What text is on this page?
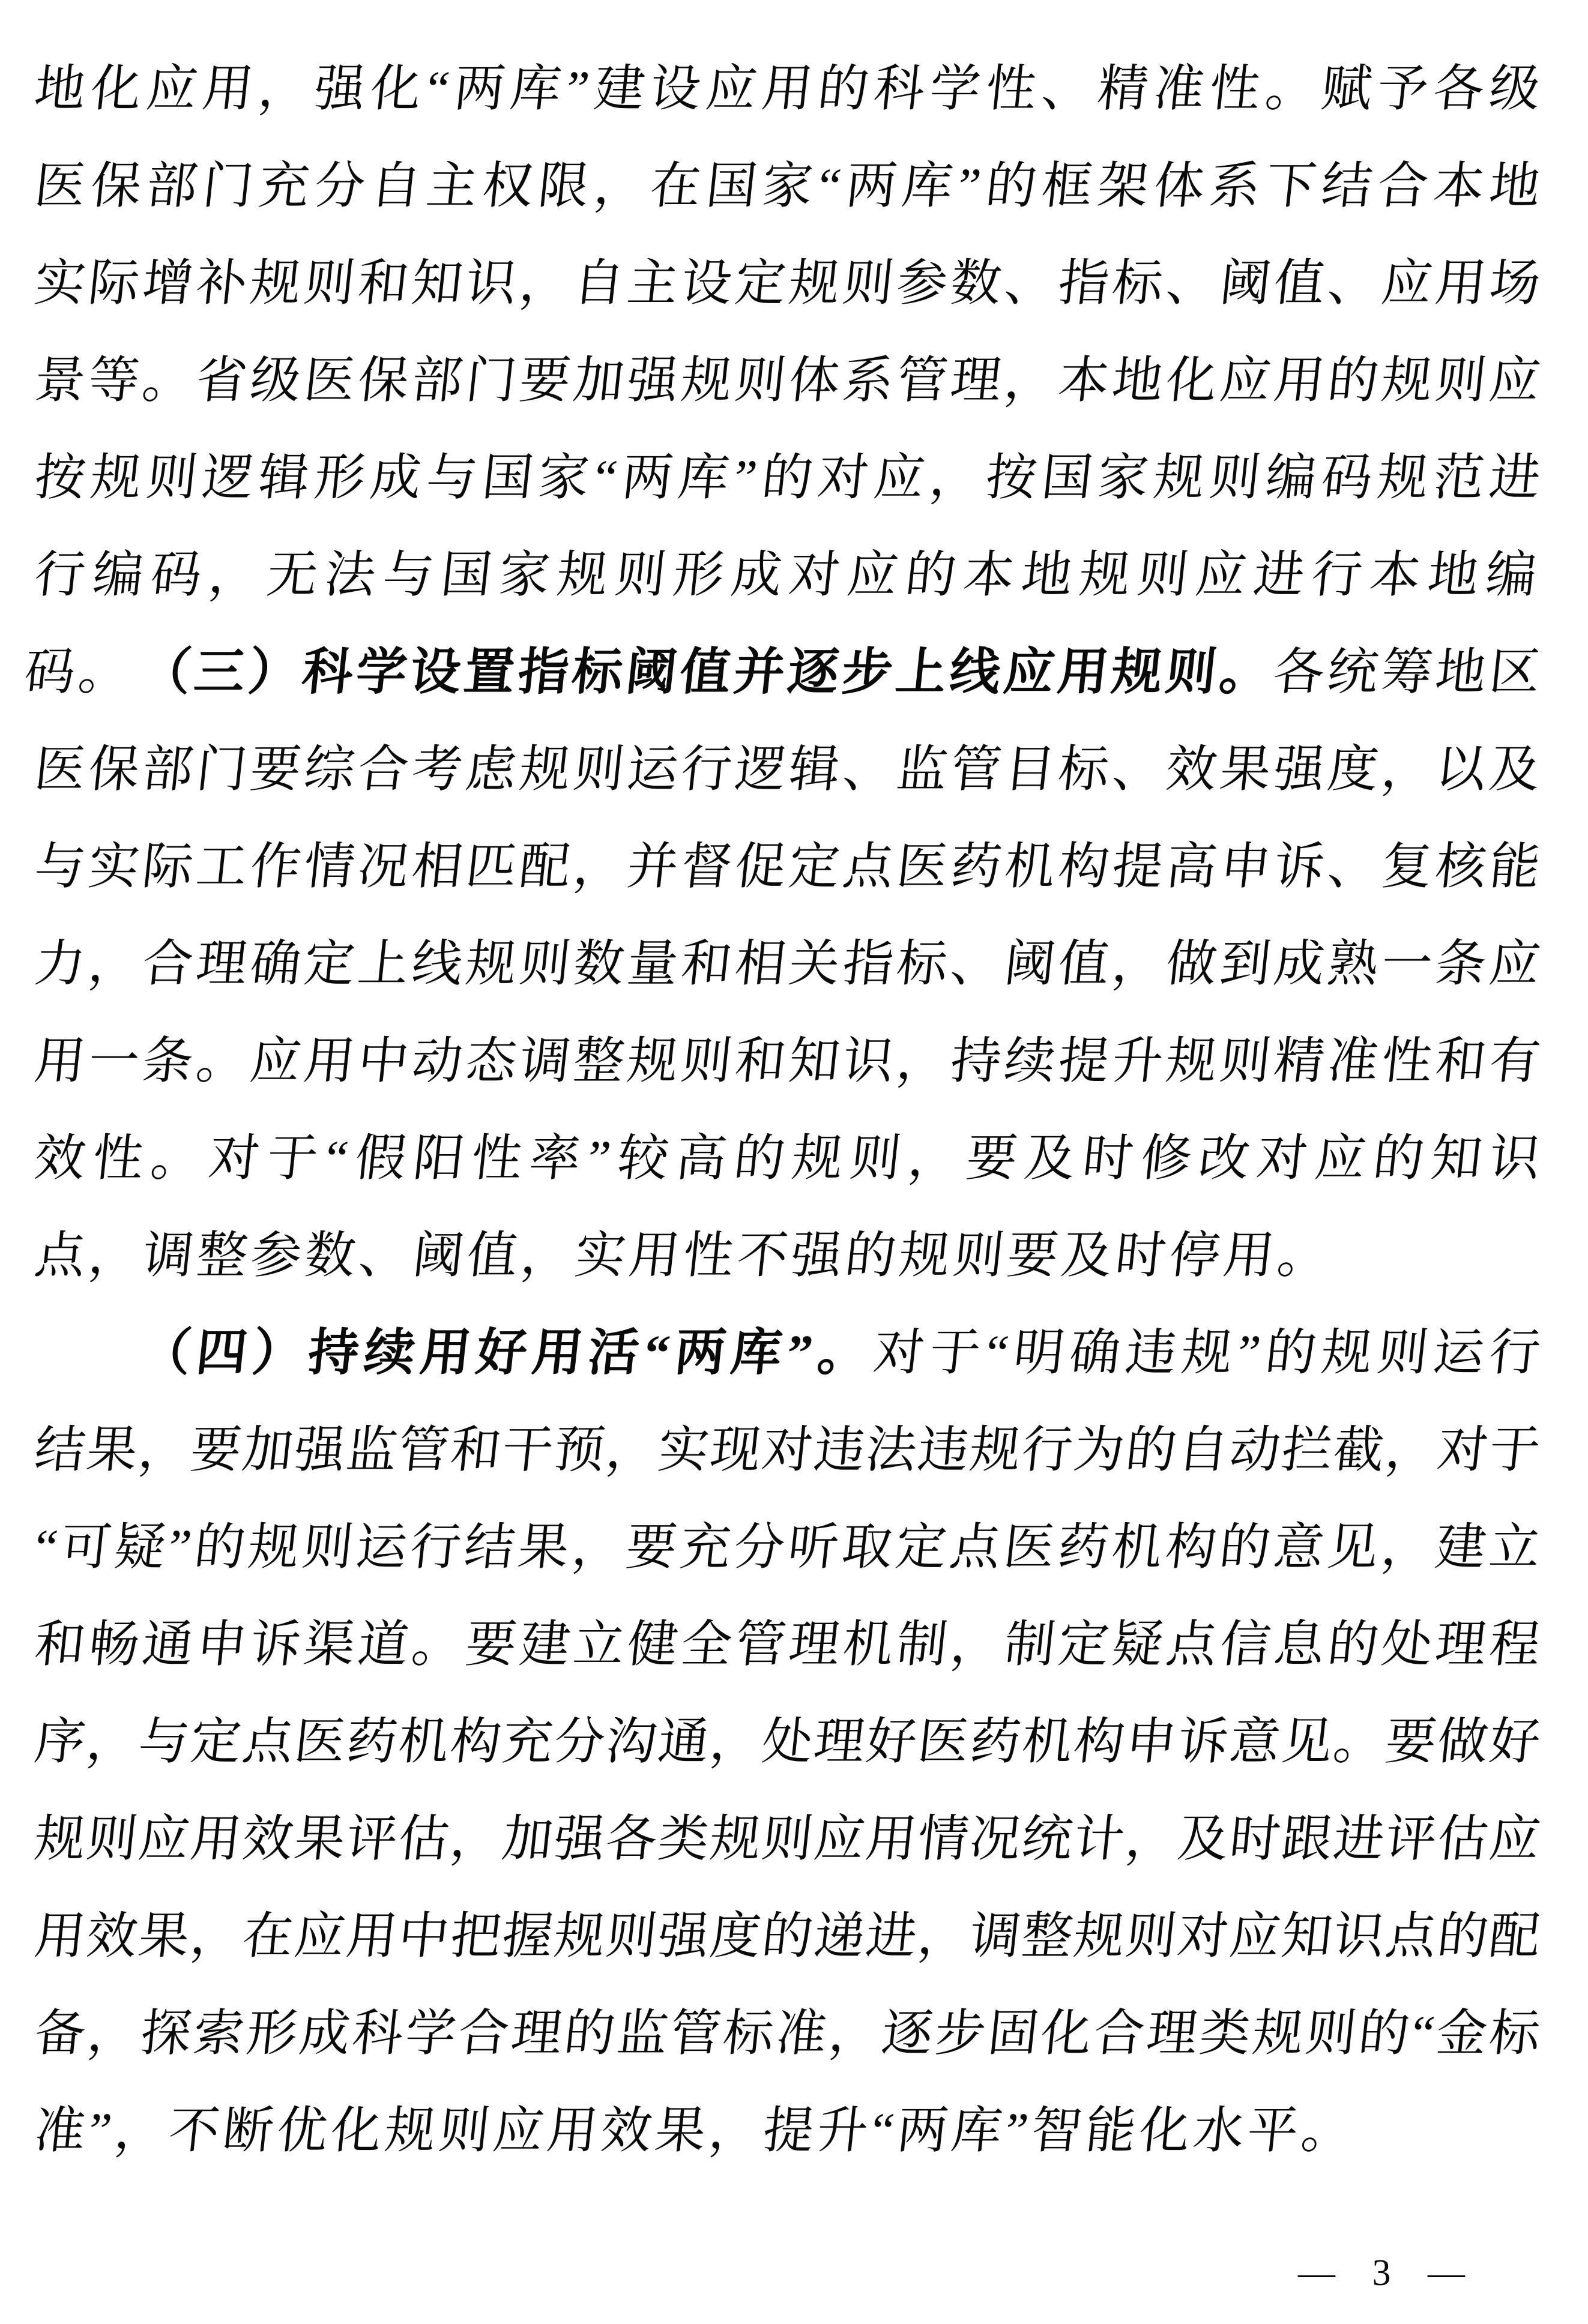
地化应用，强化“两库”建设应用的科学性、精准性。赋予各级
医保部门充分自主权限，在国家“两库”的框架体系下结合本地
实际增补规则和知识，自主设定规则参数、指标、阈值、应用场
景等。省级医保部门要加强规则体系管理，本地化应用的规则应
按规则逻辑形成与国家“两库”的对应，按国家规则编码规范进
行编码，无法与国家规则形成对应的本地规则应进行本地编码。 （三）科学设置指标阈值并逐步上线应用规则。各统筹地区
医保部门要综合考虑规则运行逻辑、监管目标、效果强度，以及
与实际工作情况相匹配，并督促定点医药机构提高申诉、复核能
力，合理确定上线规则数量和相关指标、阈值，做到成熟一条应
用一条。应用中动态调整规则和知识，持续提升规则精准性和有
效性。对于“假阳性率”较高的规则，要及时修改对应的知识
点，调整参数、阈值，实用性不强的规则要及时停用。
（四）持续用好用活“两库”。对于“明确违规”的规则运行
结果，要加强监管和干预，实现对违法违规行为的自动拦截，对于
“可疑”的规则运行结果，要充分听取定点医药机构的意见，建立
和畅通申诉渠道。要建立健全管理机制，制定疑点信息的处理程
序，与定点医药机构充分沟通，处理好医药机构申诉意见。要做好
规则应用效果评估，加强各类规则应用情况统计，及时跟进评估应
用效果，在应用中把握规则强度的递进，调整规则对应知识点的配
备，探索形成科学合理的监管标准，逐步固化合理类规则的“金标
准”，不断优化规则应用效果，提升“两库”智能化水平。
— 3 —
